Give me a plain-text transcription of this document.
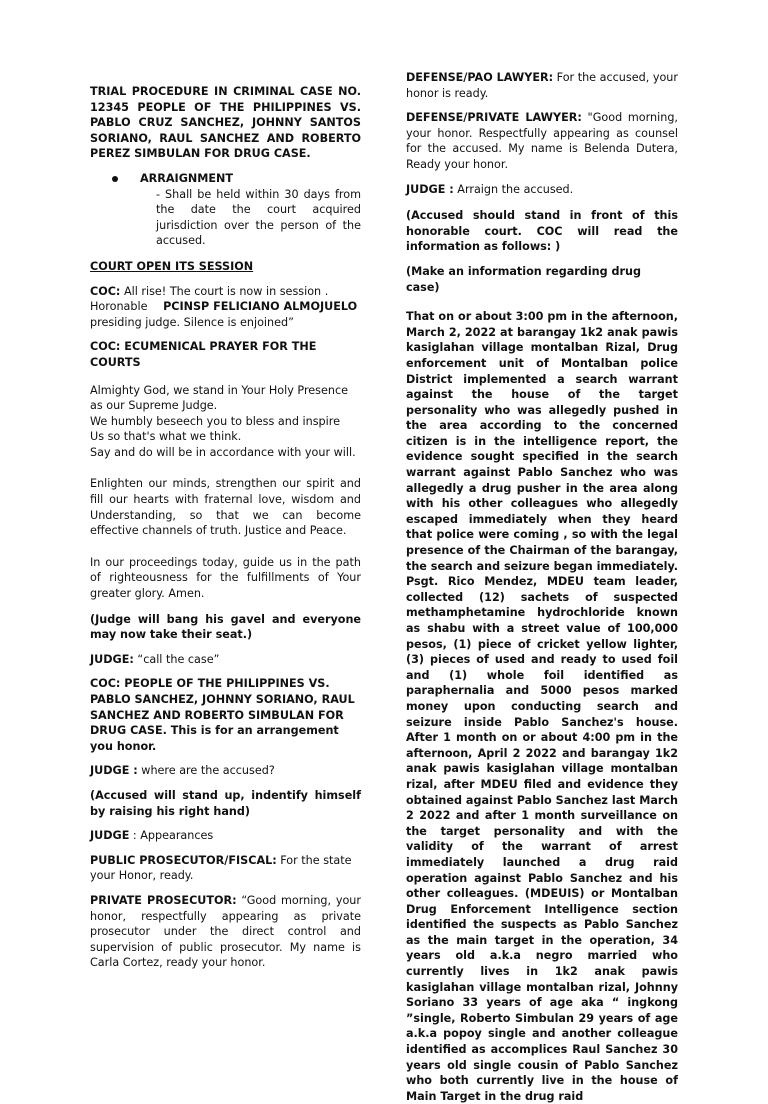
TRIAL PROCEDURE IN CRIMINAL CASE NO. 12345 PEOPLE OF THE PHILIPPINES VS. PABLO CRUZ SANCHEZ, JOHNNY SANTOS SORIANO, RAUL SANCHEZ AND ROBERTO PEREZ SIMBULAN FOR DRUG CASE.

ARRAIGNMENT

- Shall be held within 30 days from the date the court acquired jurisdiction over the person of the accused.

COURT OPEN ITS SESSION

COC: All rise! The court is now in session .
Horonable PCINSP FELICIANO ALMOJUELO
presiding judge. Silence is enjoined”

COC: ECUMENICAL PRAYER FOR THE COURTS

Almighty God, we stand in Your Holy Presence

as our Supreme Judge.

We humbly beseech you to bless and inspire

Us so that's what we think.

Say and do will be in accordance with your will.

Enlighten our minds, strengthen our spirit and fill our hearts with fraternal love, wisdom and Understanding, so that we can become effective channels of truth. Justice and Peace.

In our proceedings today, guide us in the path of righteousness for the fulfillments of Your greater glory. Amen.

(Judge will bang his gavel and everyone may now take their seat.)

JUDGE: “call the case”

COC: PEOPLE OF THE PHILIPPINES VS. PABLO SANCHEZ, JOHNNY SORIANO, RAUL SANCHEZ AND ROBERTO SIMBULAN FOR DRUG CASE. This is for an arrangement you honor.

JUDGE : where are the accused?

(Accused will stand up, indentify himself by raising his right hand)

JUDGE : Appearances

PUBLIC PROSECUTOR/FISCAL: For the state your Honor, ready.

PRIVATE PROSECUTOR: “Good morning, your honor, respectfully appearing as private prosecutor under the direct control and supervision of public prosecutor. My name is Carla Cortez, ready your honor.

DEFENSE/PAO LAWYER: For the accused, your honor is ready.

DEFENSE/PRIVATE LAWYER: "Good morning, your honor. Respectfully appearing as counsel for the accused. My name is Belenda Dutera, Ready your honor.

JUDGE : Arraign the accused.

(Accused should stand in front of this honorable court. COC will read the information as follows: )

(Make an information regarding drug case)

That on or about 3:00 pm in the afternoon, March 2, 2022 at barangay 1k2 anak pawis kasiglahan village montalban Rizal, Drug enforcement unit of Montalban police District implemented a search warrant against the house of the target personality who was allegedly pushed in the area according to the concerned citizen is in the intelligence report, the evidence sought specified in the search warrant against Pablo Sanchez who was allegedly a drug pusher in the area along with his other colleagues who allegedly escaped immediately when they heard that police were coming , so with the legal presence of the Chairman of the barangay, the search and seizure began immediately. Psgt. Rico Mendez, MDEU team leader, collected (12) sachets of suspected methamphetamine hydrochloride known as shabu with a street value of 100,000 pesos, (1) piece of cricket yellow lighter, (3) pieces of used and ready to used foil and (1) whole foil identified as paraphernalia and 5000 pesos marked money upon conducting search and seizure inside Pablo Sanchez's house. After 1 month on or about 4:00 pm in the afternoon, April 2 2022 and barangay 1k2 anak pawis kasiglahan village montalban rizal, after MDEU filed and evidence they obtained against Pablo Sanchez last March 2 2022 and after 1 month surveillance on the target personality and with the validity of the warrant of arrest immediately launched a drug raid operation against Pablo Sanchez and his other colleagues. (MDEUIS) or Montalban Drug Enforcement Intelligence section identified the suspects as Pablo Sanchez as the main target in the operation, 34 years old a.k.a negro married who currently lives in 1k2 anak pawis kasiglahan village montalban rizal, Johnny Soriano 33 years of age aka “ ingkong ”single, Roberto Simbulan 29 years of age a.k.a popoy single and another colleague identified as accomplices Raul Sanchez 30 years old single cousin of Pablo Sanchez who both currently live in the house of Main Target in the drug raid
